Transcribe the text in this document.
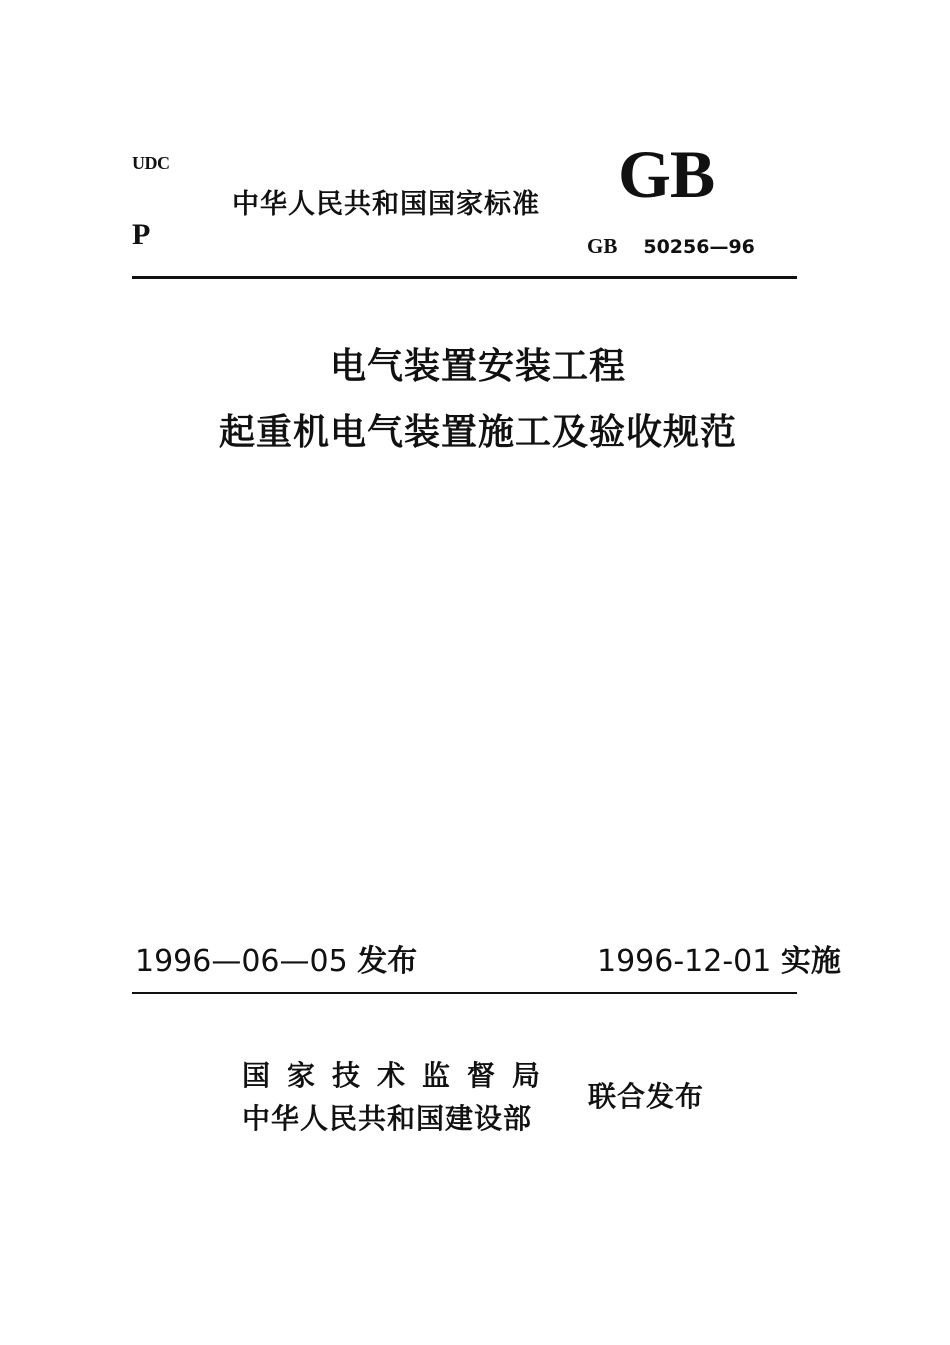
UDC
P
中华人民共和国国家标准 GB
GB 50256—96
电气装置安装工程
起重机电气装置施工及验收规范
1996—06—05 发布	1996-12-01 实施
国家技术监督局
中华人民共和国建设部
联合发布
